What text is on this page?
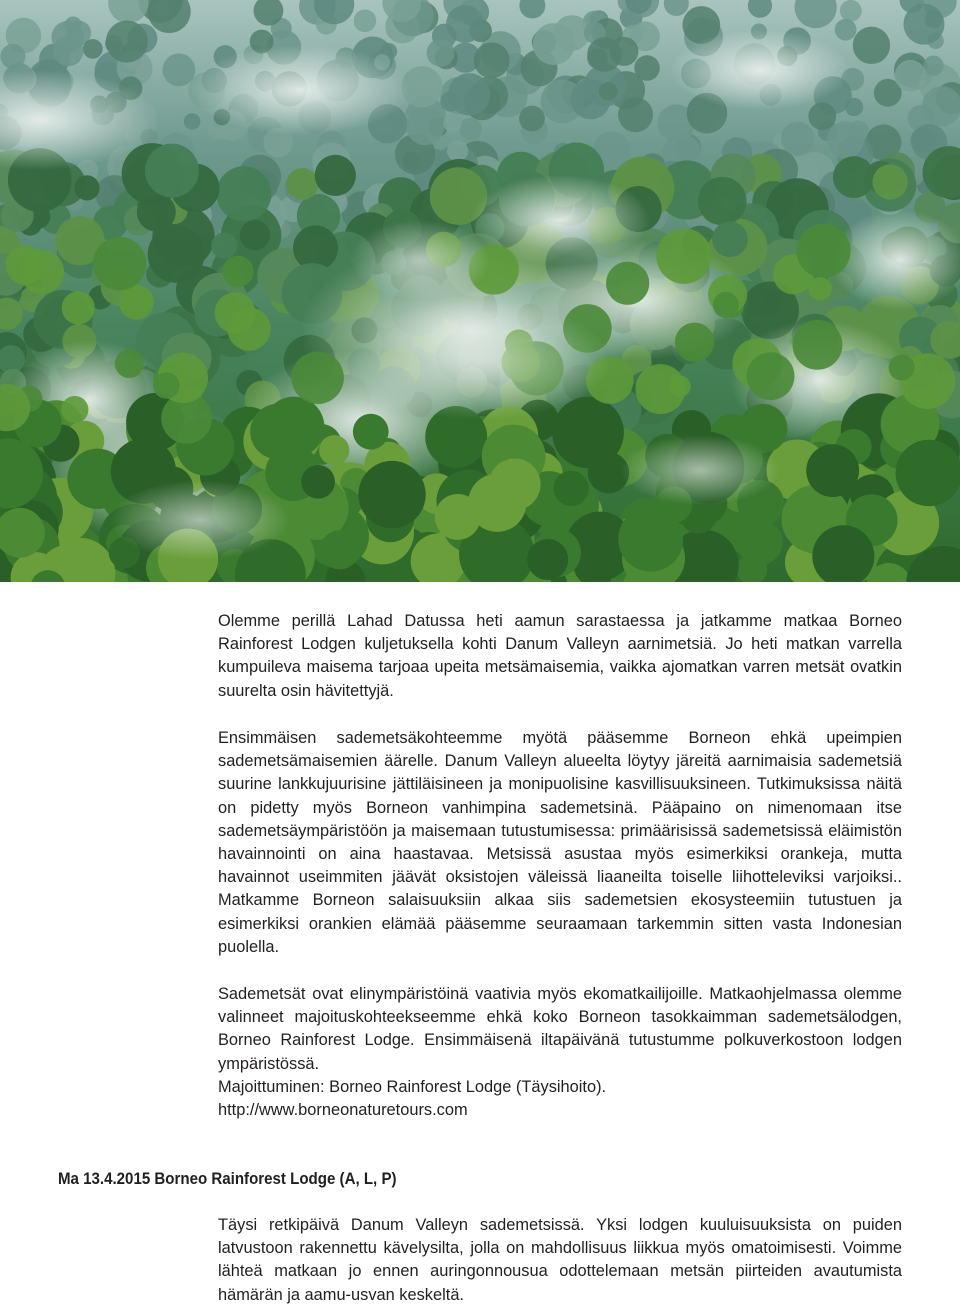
Olemme perillä Lahad Datussa heti aamun sarastaessa ja jatkamme matkaa Borneo Rainforest Lodgen kuljetuksella kohti Danum Valleyn aarnimetsiä. Jo heti matkan varrella kumpuileva maisema tarjoaa upeita metsämaisemia, vaikka ajomatkan varren metsät ovatkin suurelta osin hävitettyjä.

Ensimmäisen sademetsäkohteemme myötä pääsemme Borneon ehkä upeimpien sademetsämaisemien äärelle. Danum Valleyn alueelta löytyy järeitä aarnimaisia sademetsiä suurine lankkujuurisine jättiläisineen ja monipuolisine kasvillisuuksineen. Tutkimuksissa näitä on pidetty myös Borneon vanhimpina sademetsinä. Pääpaino on nimenomaan itse sademetsäympäristöön ja maisemaan tutustumisessa: primäärisissä sademetsissä eläimistön havainnointi on aina haastavaa. Metsissä asustaa myös esimerkiksi orankeja, mutta havainnot useimmiten jäävät oksistojen väleissä liaaneilta toiselle liihotteleviksi varjoiksi.. Matkamme Borneon salaisuuksiin alkaa siis sademetsien ekosysteemiin tutustuen ja esimerkiksi orankien elämää pääsemme seuraamaan tarkemmin sitten vasta Indonesian puolella.

Sademetsät ovat elinympäristöinä vaativia myös ekomatkailijoille. Matkaohjelmassa olemme valinneet majoituskohteekseemme ehkä koko Borneon tasokkaimman sademetsälodgen, Borneo Rainforest Lodge. Ensimmäisenä iltapäivänä tutustumme polkuverkostoon lodgen ympäristössä.

Majoittuminen: Borneo Rainforest Lodge (Täysihoito).

http://www.borneonaturetours.com

Ma 13.4.2015 Borneo Rainforest Lodge (A, L, P)

Täysi retkipäivä Danum Valleyn sademetsissä. Yksi lodgen kuuluisuuksista on puiden latvustoon rakennettu kävelysilta, jolla on mahdollisuus liikkua myös omatoimisesti. Voimme lähteä matkaan jo ennen auringonnousua odottelemaan metsän piirteiden avautumista hämärän ja aamu-usvan keskeltä.
